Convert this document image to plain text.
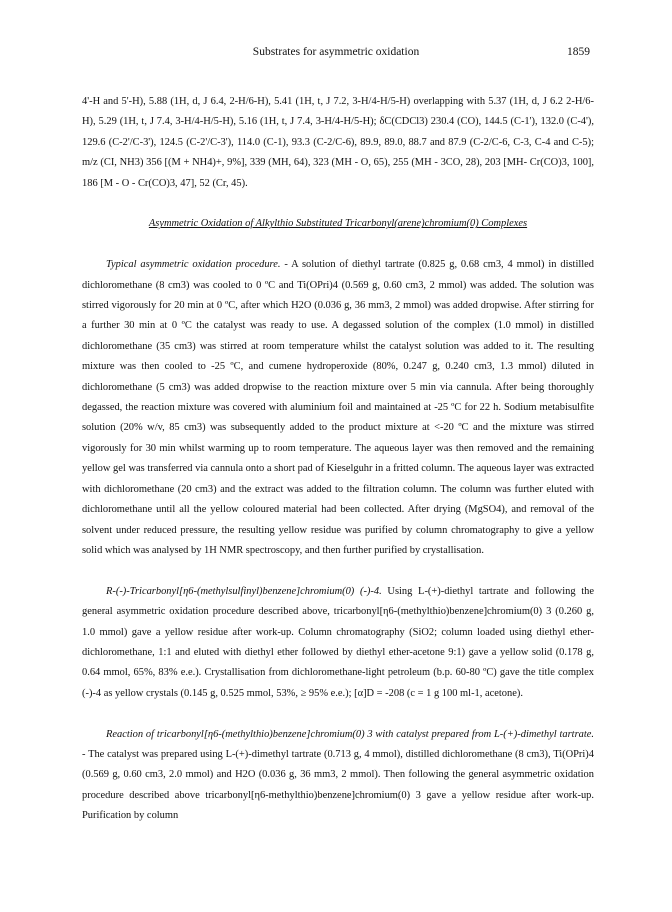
Substrates for asymmetric oxidation	1859

4'-H and 5'-H), 5.88 (1H, d, J 6.4, 2-H/6-H), 5.41 (1H, t, J 7.2, 3-H/4-H/5-H) overlapping with 5.37 (1H, d, J 6.2 2-H/6-H), 5.29 (1H, t, J 7.4, 3-H/4-H/5-H), 5.16 (1H, t, J 7.4, 3-H/4-H/5-H); δC(CDCl3) 230.4 (CO), 144.5 (C-1'), 132.0 (C-4'), 129.6 (C-2'/C-3'), 124.5 (C-2'/C-3'), 114.0 (C-1), 93.3 (C-2/C-6), 89.9, 89.0, 88.7 and 87.9 (C-2/C-6, C-3, C-4 and C-5); m/z (CI, NH3) 356 [(M + NH4)+, 9%], 339 (MH, 64), 323 (MH - O, 65), 255 (MH - 3CO, 28), 203 [MH- Cr(CO)3, 100], 186 [M - O - Cr(CO)3, 47], 52 (Cr, 45).

Asymmetric Oxidation of Alkylthio Substituted Tricarbonyl(arene)chromium(0) Complexes

Typical asymmetric oxidation procedure. - A solution of diethyl tartrate (0.825 g, 0.68 cm3, 4 mmol) in distilled dichloromethane (8 cm3) was cooled to 0 ºC and Ti(OPri)4 (0.569 g, 0.60 cm3, 2 mmol) was added. The solution was stirred vigorously for 20 min at 0 ºC, after which H2O (0.036 g, 36 mm3, 2 mmol) was added dropwise. After stirring for a further 30 min at 0 ºC the catalyst was ready to use. A degassed solution of the complex (1.0 mmol) in distilled dichloromethane (35 cm3) was stirred at room temperature whilst the catalyst solution was added to it. The resulting mixture was then cooled to -25 ºC, and cumene hydroperoxide (80%, 0.247 g, 0.240 cm3, 1.3 mmol) diluted in dichloromethane (5 cm3) was added dropwise to the reaction mixture over 5 min via cannula. After being thoroughly degassed, the reaction mixture was covered with aluminium foil and maintained at -25 ºC for 22 h. Sodium metabisulfite solution (20% w/v, 85 cm3) was subsequently added to the product mixture at <-20 ºC and the mixture was stirred vigorously for 30 min whilst warming up to room temperature. The aqueous layer was then removed and the remaining yellow gel was transferred via cannula onto a short pad of Kieselguhr in a fritted column. The aqueous layer was extracted with dichloromethane (20 cm3) and the extract was added to the filtration column. The column was further eluted with dichloromethane until all the yellow coloured material had been collected. After drying (MgSO4), and removal of the solvent under reduced pressure, the resulting yellow residue was purified by column chromatography to give a yellow solid which was analysed by 1H NMR spectroscopy, and then further purified by crystallisation.

R-(-)-Tricarbonyl[η6-(methylsulfinyl)benzene]chromium(0) (-)-4. Using L-(+)-diethyl tartrate and following the general asymmetric oxidation procedure described above, tricarbonyl[η6-(methylthio)benzene]chromium(0) 3 (0.260 g, 1.0 mmol) gave a yellow residue after work-up. Column chromatography (SiO2; column loaded using diethyl ether-dichloromethane, 1:1 and eluted with diethyl ether followed by diethyl ether-acetone 9:1) gave a yellow solid (0.178 g, 0.64 mmol, 65%, 83% e.e.). Crystallisation from dichloromethane-light petroleum (b.p. 60-80 ºC) gave the title complex (-)-4 as yellow crystals (0.145 g, 0.525 mmol, 53%, ≥ 95% e.e.); [α]D = -208 (c = 1 g 100 ml-1, acetone).

Reaction of tricarbonyl[η6-(methylthio)benzene]chromium(0) 3 with catalyst prepared from L-(+)-dimethyl tartrate. - The catalyst was prepared using L-(+)-dimethyl tartrate (0.713 g, 4 mmol), distilled dichloromethane (8 cm3), Ti(OPri)4 (0.569 g, 0.60 cm3, 2.0 mmol) and H2O (0.036 g, 36 mm3, 2 mmol). Then following the general asymmetric oxidation procedure described above tricarbonyl[η6-methylthio)benzene]chromium(0) 3 gave a yellow residue after work-up. Purification by column
